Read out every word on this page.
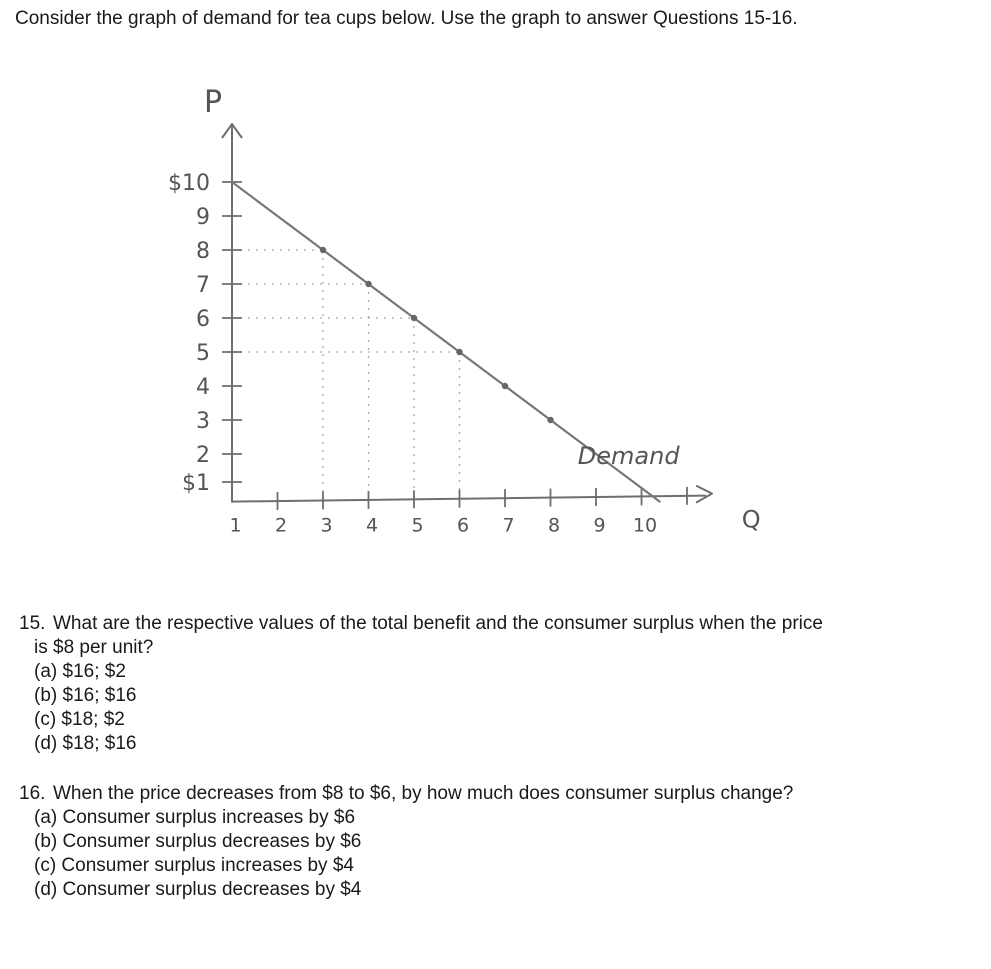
Consider the graph of demand for tea cups below. Use the graph to answer Questions 15-16.
$1
2
3
4
5
6
7
8
9
$10
1 2 3 4 5 6 7 8 9 10
P
Q
Demand

15. What are the respective values of the total benefit and the consumer surplus when the price
is $8 per unit?

(a) $16; $2
(b) $16; $16
(c) $18; $2
(d) $18; $16

16. When the price decreases from $8 to $6, by how much does consumer surplus change?

(a) Consumer surplus increases by $6
(b) Consumer surplus decreases by $6
(c) Consumer surplus increases by $4
(d) Consumer surplus decreases by $4
